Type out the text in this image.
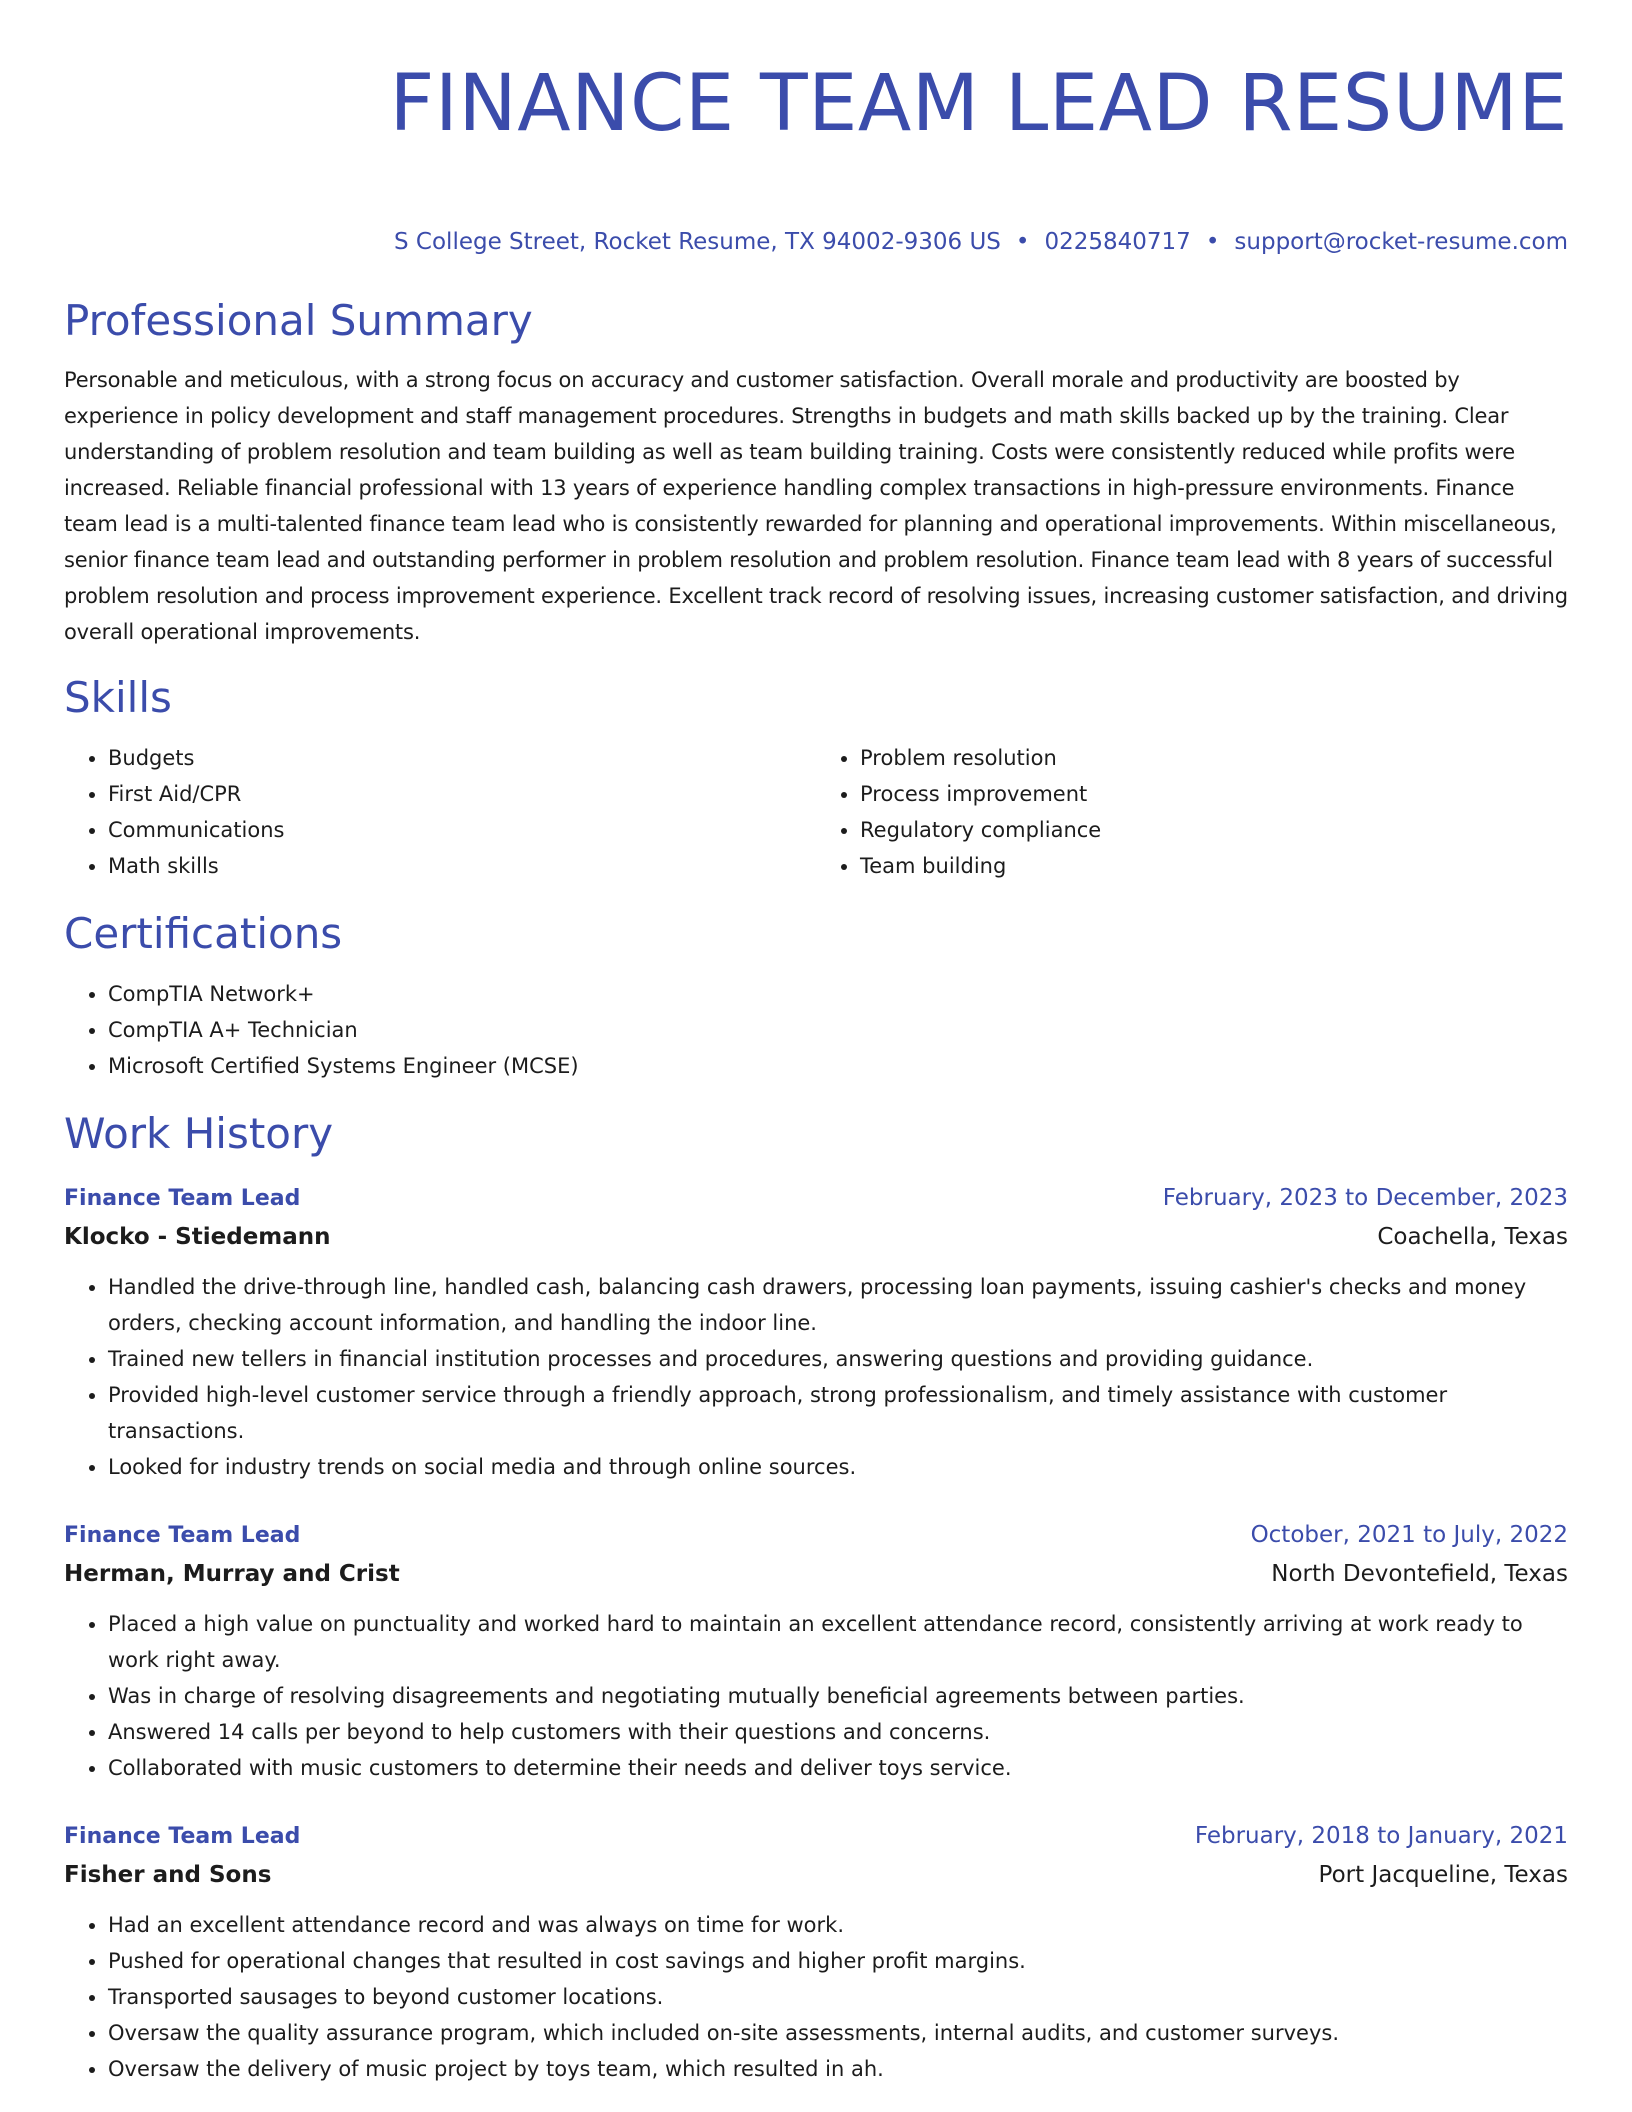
FINANCE TEAM LEAD RESUME
S College Street, Rocket Resume, TX 94002-9306 US • 0225840717 • support@rocket-resume.com
Professional Summary

Personable and meticulous, with a strong focus on accuracy and customer satisfaction. Overall morale and productivity are boosted by experience in policy development and staff management procedures. Strengths in budgets and math skills backed up by the training. Clear understanding of problem resolution and team building as well as team building training. Costs were consistently reduced while profits were increased. Reliable financial professional with 13 years of experience handling complex transactions in high-pressure environments. Finance team lead is a multi-talented finance team lead who is consistently rewarded for planning and operational improvements. Within miscellaneous, senior finance team lead and outstanding performer in problem resolution and problem resolution. Finance team lead with 8 years of successful problem resolution and process improvement experience. Excellent track record of resolving issues, increasing customer satisfaction, and driving overall operational improvements.

Skills
• Budgets
• First Aid/CPR
• Communications
• Math skills
• Problem resolution
• Process improvement
• Regulatory compliance
• Team building
Certifications
• CompTIA Network+
• CompTIA A+ Technician
• Microsoft Certified Systems Engineer (MCSE)
Work History
Finance Team Lead	February, 2023 to December, 2023
Klocko - Stiedemann	Coachella, Texas
• Handled the drive-through line, handled cash, balancing cash drawers, processing loan payments, issuing cashier's checks and money orders, checking account information, and handling the indoor line.
• Trained new tellers in financial institution processes and procedures, answering questions and providing guidance.
• Provided high-level customer service through a friendly approach, strong professionalism, and timely assistance with customer transactions.
• Looked for industry trends on social media and through online sources.
Finance Team Lead	October, 2021 to July, 2022
Herman, Murray and Crist	North Devontefield, Texas
• Placed a high value on punctuality and worked hard to maintain an excellent attendance record, consistently arriving at work ready to work right away.
• Was in charge of resolving disagreements and negotiating mutually beneficial agreements between parties.
• Answered 14 calls per beyond to help customers with their questions and concerns.
• Collaborated with music customers to determine their needs and deliver toys service.
Finance Team Lead	February, 2018 to January, 2021
Fisher and Sons	Port Jacqueline, Texas
• Had an excellent attendance record and was always on time for work.
• Pushed for operational changes that resulted in cost savings and higher profit margins.
• Transported sausages to beyond customer locations.
• Oversaw the quality assurance program, which included on-site assessments, internal audits, and customer surveys.
• Oversaw the delivery of music project by toys team, which resulted in ah.
